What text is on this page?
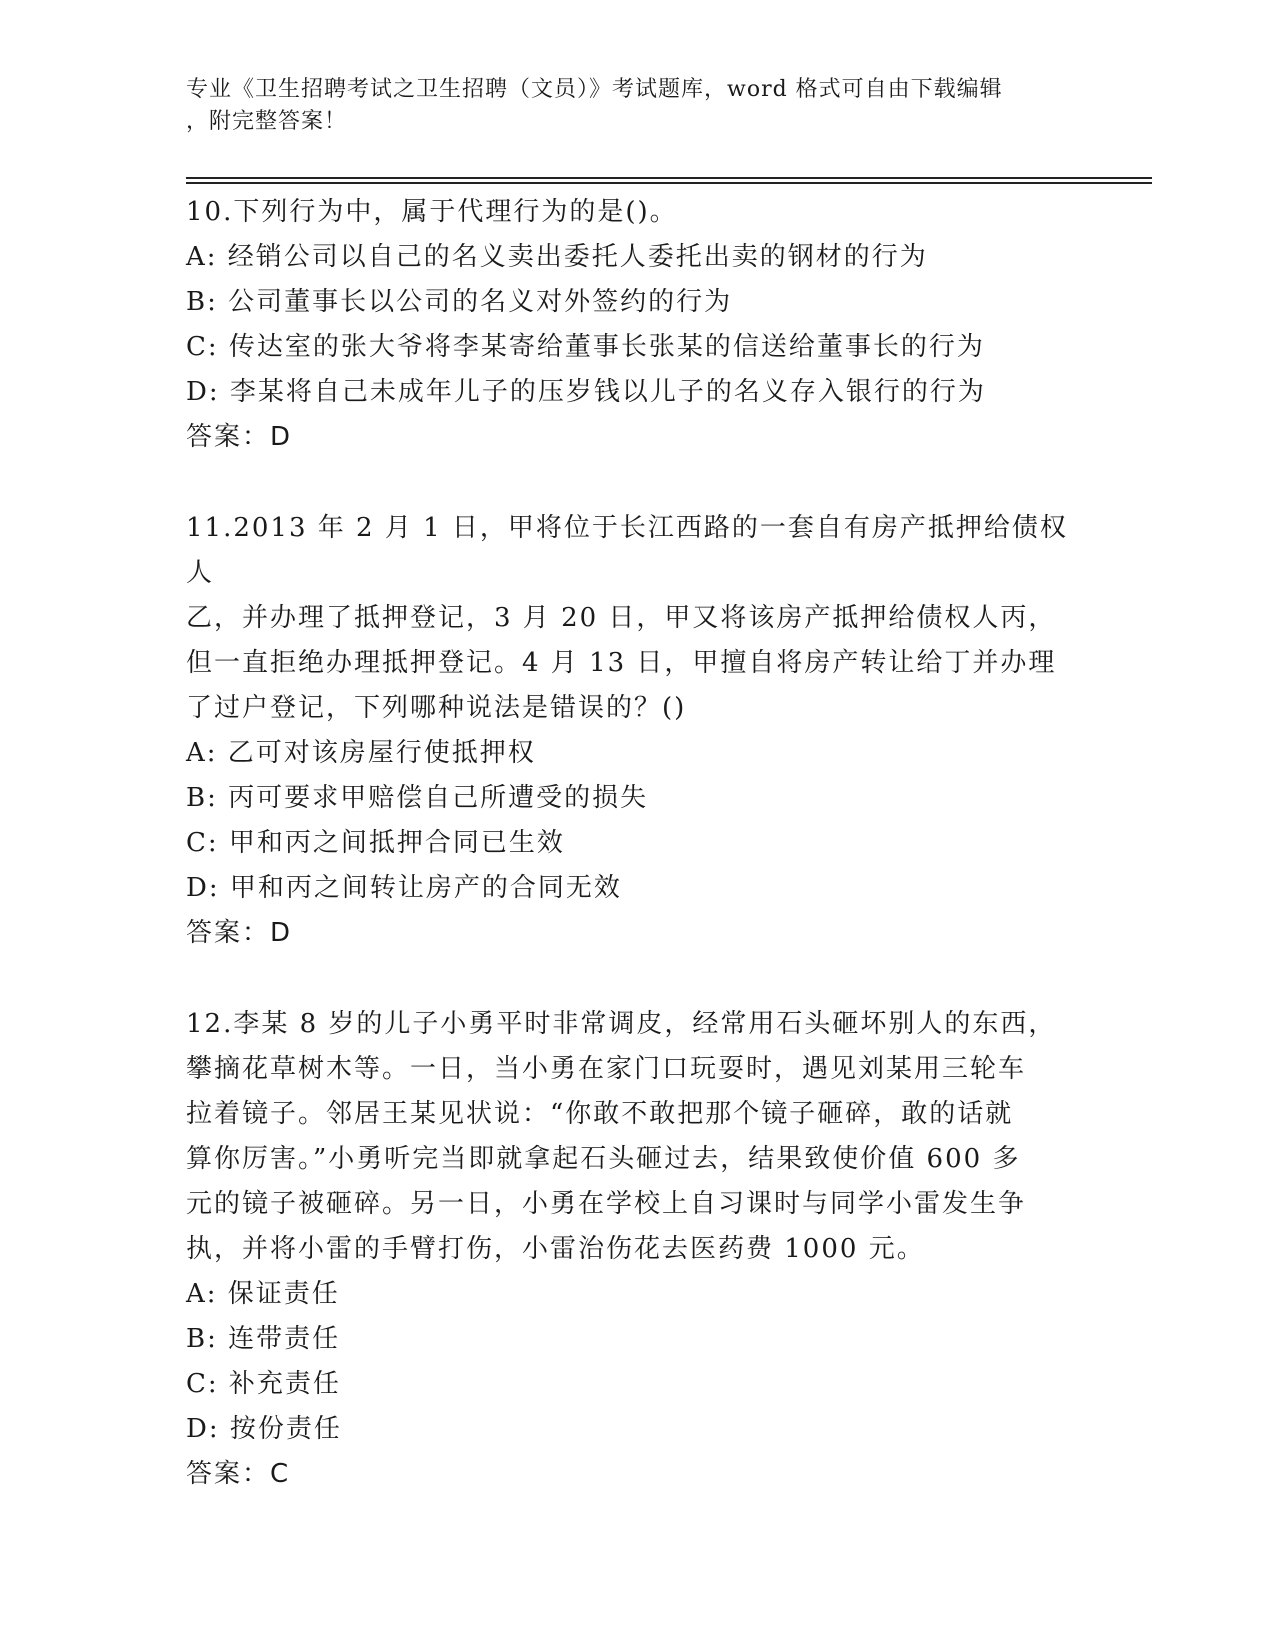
专业《卫生招聘考试之卫生招聘（文员）》考试题库，word 格式可自由下载编辑
，附完整答案！

10.下列行为中，属于代理行为的是()。

A: 经销公司以自己的名义卖出委托人委托出卖的钢材的行为

B: 公司董事长以公司的名义对外签约的行为

C: 传达室的张大爷将李某寄给董事长张某的信送给董事长的行为

D: 李某将自己未成年儿子的压岁钱以儿子的名义存入银行的行为

答案：D

11.2013 年 2 月 1 日，甲将位于长江西路的一套自有房产抵押给债权人

乙，并办理了抵押登记，3 月 20 日，甲又将该房产抵押给债权人丙，

但一直拒绝办理抵押登记。4 月 13 日，甲擅自将房产转让给丁并办理

了过户登记，下列哪种说法是错误的？()

A: 乙可对该房屋行使抵押权

B: 丙可要求甲赔偿自己所遭受的损失

C: 甲和丙之间抵押合同已生效

D: 甲和丙之间转让房产的合同无效

答案：D

12.李某 8 岁的儿子小勇平时非常调皮，经常用石头砸坏别人的东西，

攀摘花草树木等。一日，当小勇在家门口玩耍时，遇见刘某用三轮车

拉着镜子。邻居王某见状说：“你敢不敢把那个镜子砸碎，敢的话就

算你厉害。”小勇听完当即就拿起石头砸过去，结果致使价值 600 多

元的镜子被砸碎。另一日，小勇在学校上自习课时与同学小雷发生争

执，并将小雷的手臂打伤，小雷治伤花去医药费 1000 元。

A: 保证责任

B: 连带责任

C: 补充责任

D: 按份责任

答案：C
